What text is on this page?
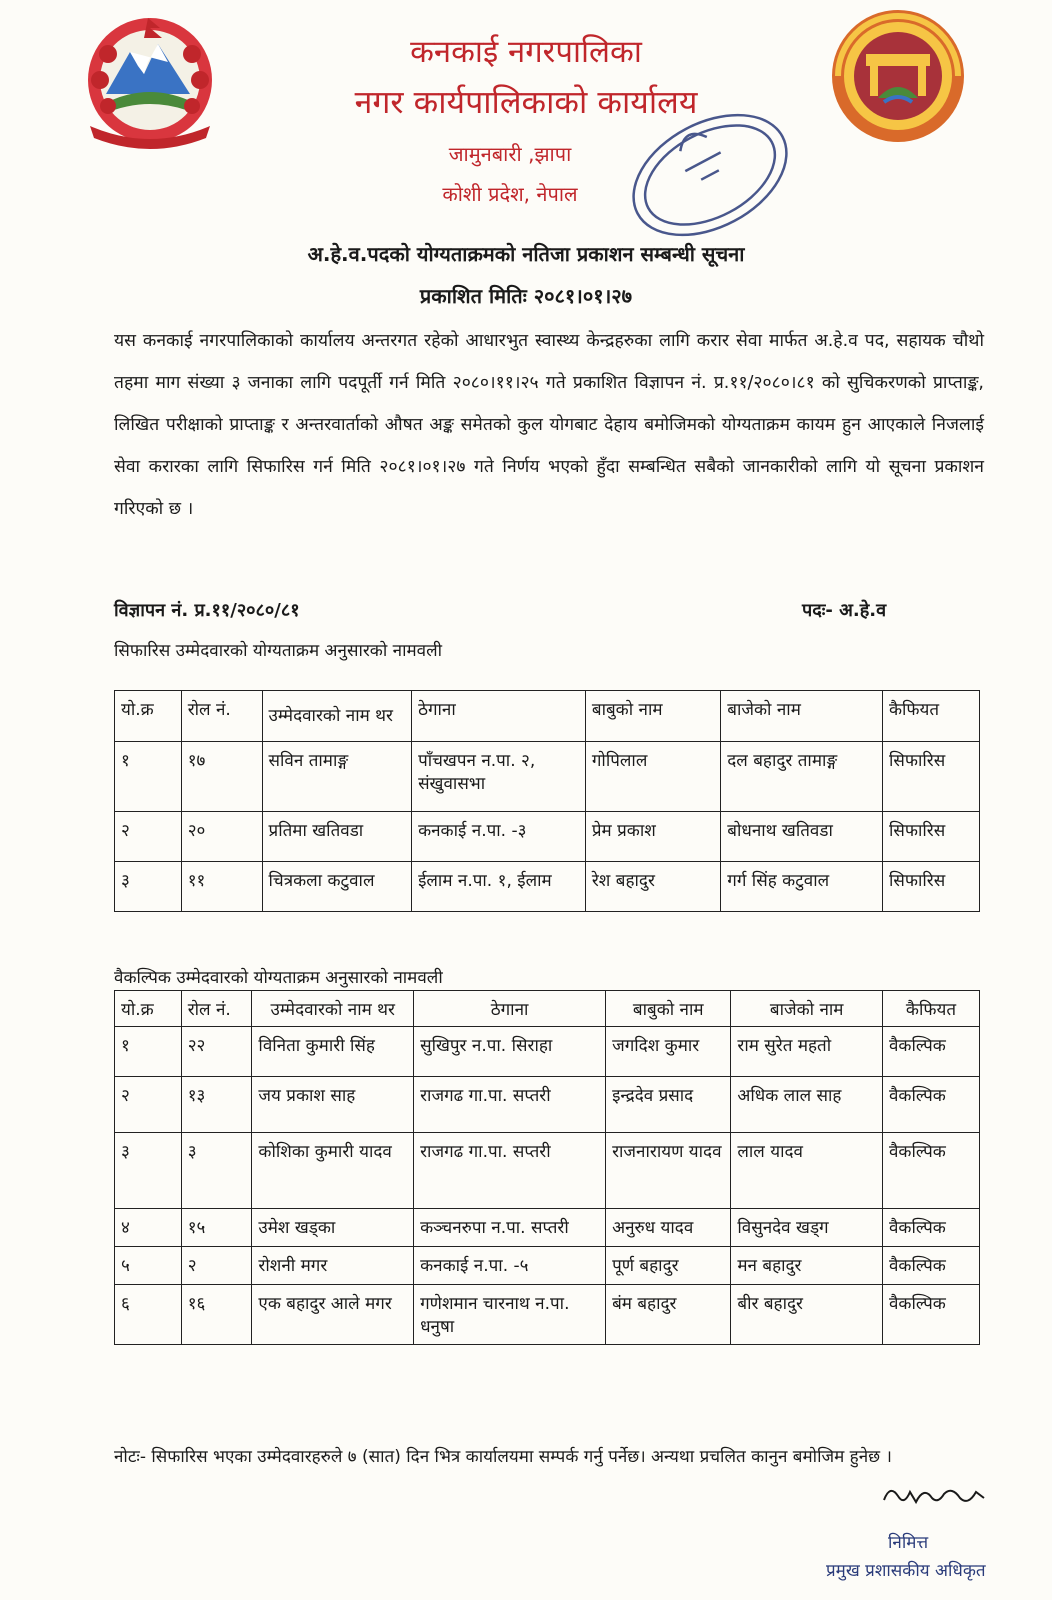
कनकाई नगरपालिका
नगर कार्यपालिकाको कार्यालय
जामुनबारी ,झापा
कोशी प्रदेश, नेपाल
अ.हे.व.पदको योग्यताक्रमको नतिजा प्रकाशन सम्बन्धी सूचना
प्रकाशित मितिः २०८१।०१।२७
यस कनकाई नगरपालिकाको कार्यालय अन्तरगत रहेको आधारभुत स्वास्थ्य केन्द्रहरुका लागि करार सेवा मार्फत अ.हे.व पद, सहायक चौथो तहमा माग संख्या ३ जनाका लागि पदपूर्ती गर्न मिति २०८०।११।२५ गते प्रकाशित विज्ञापन नं. प्र.११/२०८०।८१ को सुचिकरणको प्राप्ताङ्क, लिखित परीक्षाको प्राप्ताङ्क र अन्तरवार्ताको औषत अङ्क समेतको कुल योगबाट देहाय बमोजिमको योग्यताक्रम कायम हुन आएकाले निजलाई सेवा करारका लागि सिफारिस गर्न मिति २०८१।०१।२७ गते निर्णय भएको हुँदा सम्बन्धित सबैको जानकारीको लागि यो सूचना प्रकाशन गरिएको छ ।
विज्ञापन नं. प्र.११/२०८०/८१	पदः- अ.हे.व
सिफारिस उम्मेदवारको योग्यताक्रम अनुसारको नामवली
यो.क्र	रोल नं.	उम्मेदवारको नाम थर	ठेगाना	बाबुको नाम	बाजेको नाम	कैफियत
१	१७	सविन तामाङ्ग	पाँचखपन न.पा. २, संखुवासभा	गोपिलाल	दल बहादुर तामाङ्ग	सिफारिस
२	२०	प्रतिमा खतिवडा	कनकाई न.पा. -३	प्रेम प्रकाश	बोधनाथ खतिवडा	सिफारिस
३	११	चित्रकला कटुवाल	ईलाम न.पा. १, ईलाम	रेश बहादुर	गर्ग सिंह कटुवाल	सिफारिस
वैकल्पिक उम्मेदवारको योग्यताक्रम अनुसारको नामवली
यो.क्र	रोल नं.	उम्मेदवारको नाम थर	ठेगाना	बाबुको नाम	बाजेको नाम	कैफियत
१	२२	विनिता कुमारी सिंह	सुखिपुर न.पा. सिराहा	जगदिश कुमार	राम सुरेत महतो	वैकल्पिक
२	१३	जय प्रकाश साह	राजगढ गा.पा. सप्तरी	इन्द्रदेव प्रसाद	अधिक लाल साह	वैकल्पिक
३	३	कोशिका कुमारी यादव	राजगढ गा.पा. सप्तरी	राजनारायण यादव	लाल यादव	वैकल्पिक
४	१५	उमेश खड्का	कञ्चनरुपा न.पा. सप्तरी	अनुरुध यादव	विसुनदेव खड्ग	वैकल्पिक
५	२	रोशनी मगर	कनकाई न.पा. -५	पूर्ण बहादुर	मन बहादुर	वैकल्पिक
६	१६	एक बहादुर आले मगर	गणेशमान चारनाथ न.पा. धनुषा	बंम बहादुर	बीर बहादुर	वैकल्पिक
नोटः- सिफारिस भएका उम्मेदवारहरुले ७ (सात) दिन भित्र कार्यालयमा सम्पर्क गर्नु पर्नेछ। अन्यथा प्रचलित कानुन बमोजिम हुनेछ ।
निमित्त
प्रमुख प्रशासकीय अधिकृत
